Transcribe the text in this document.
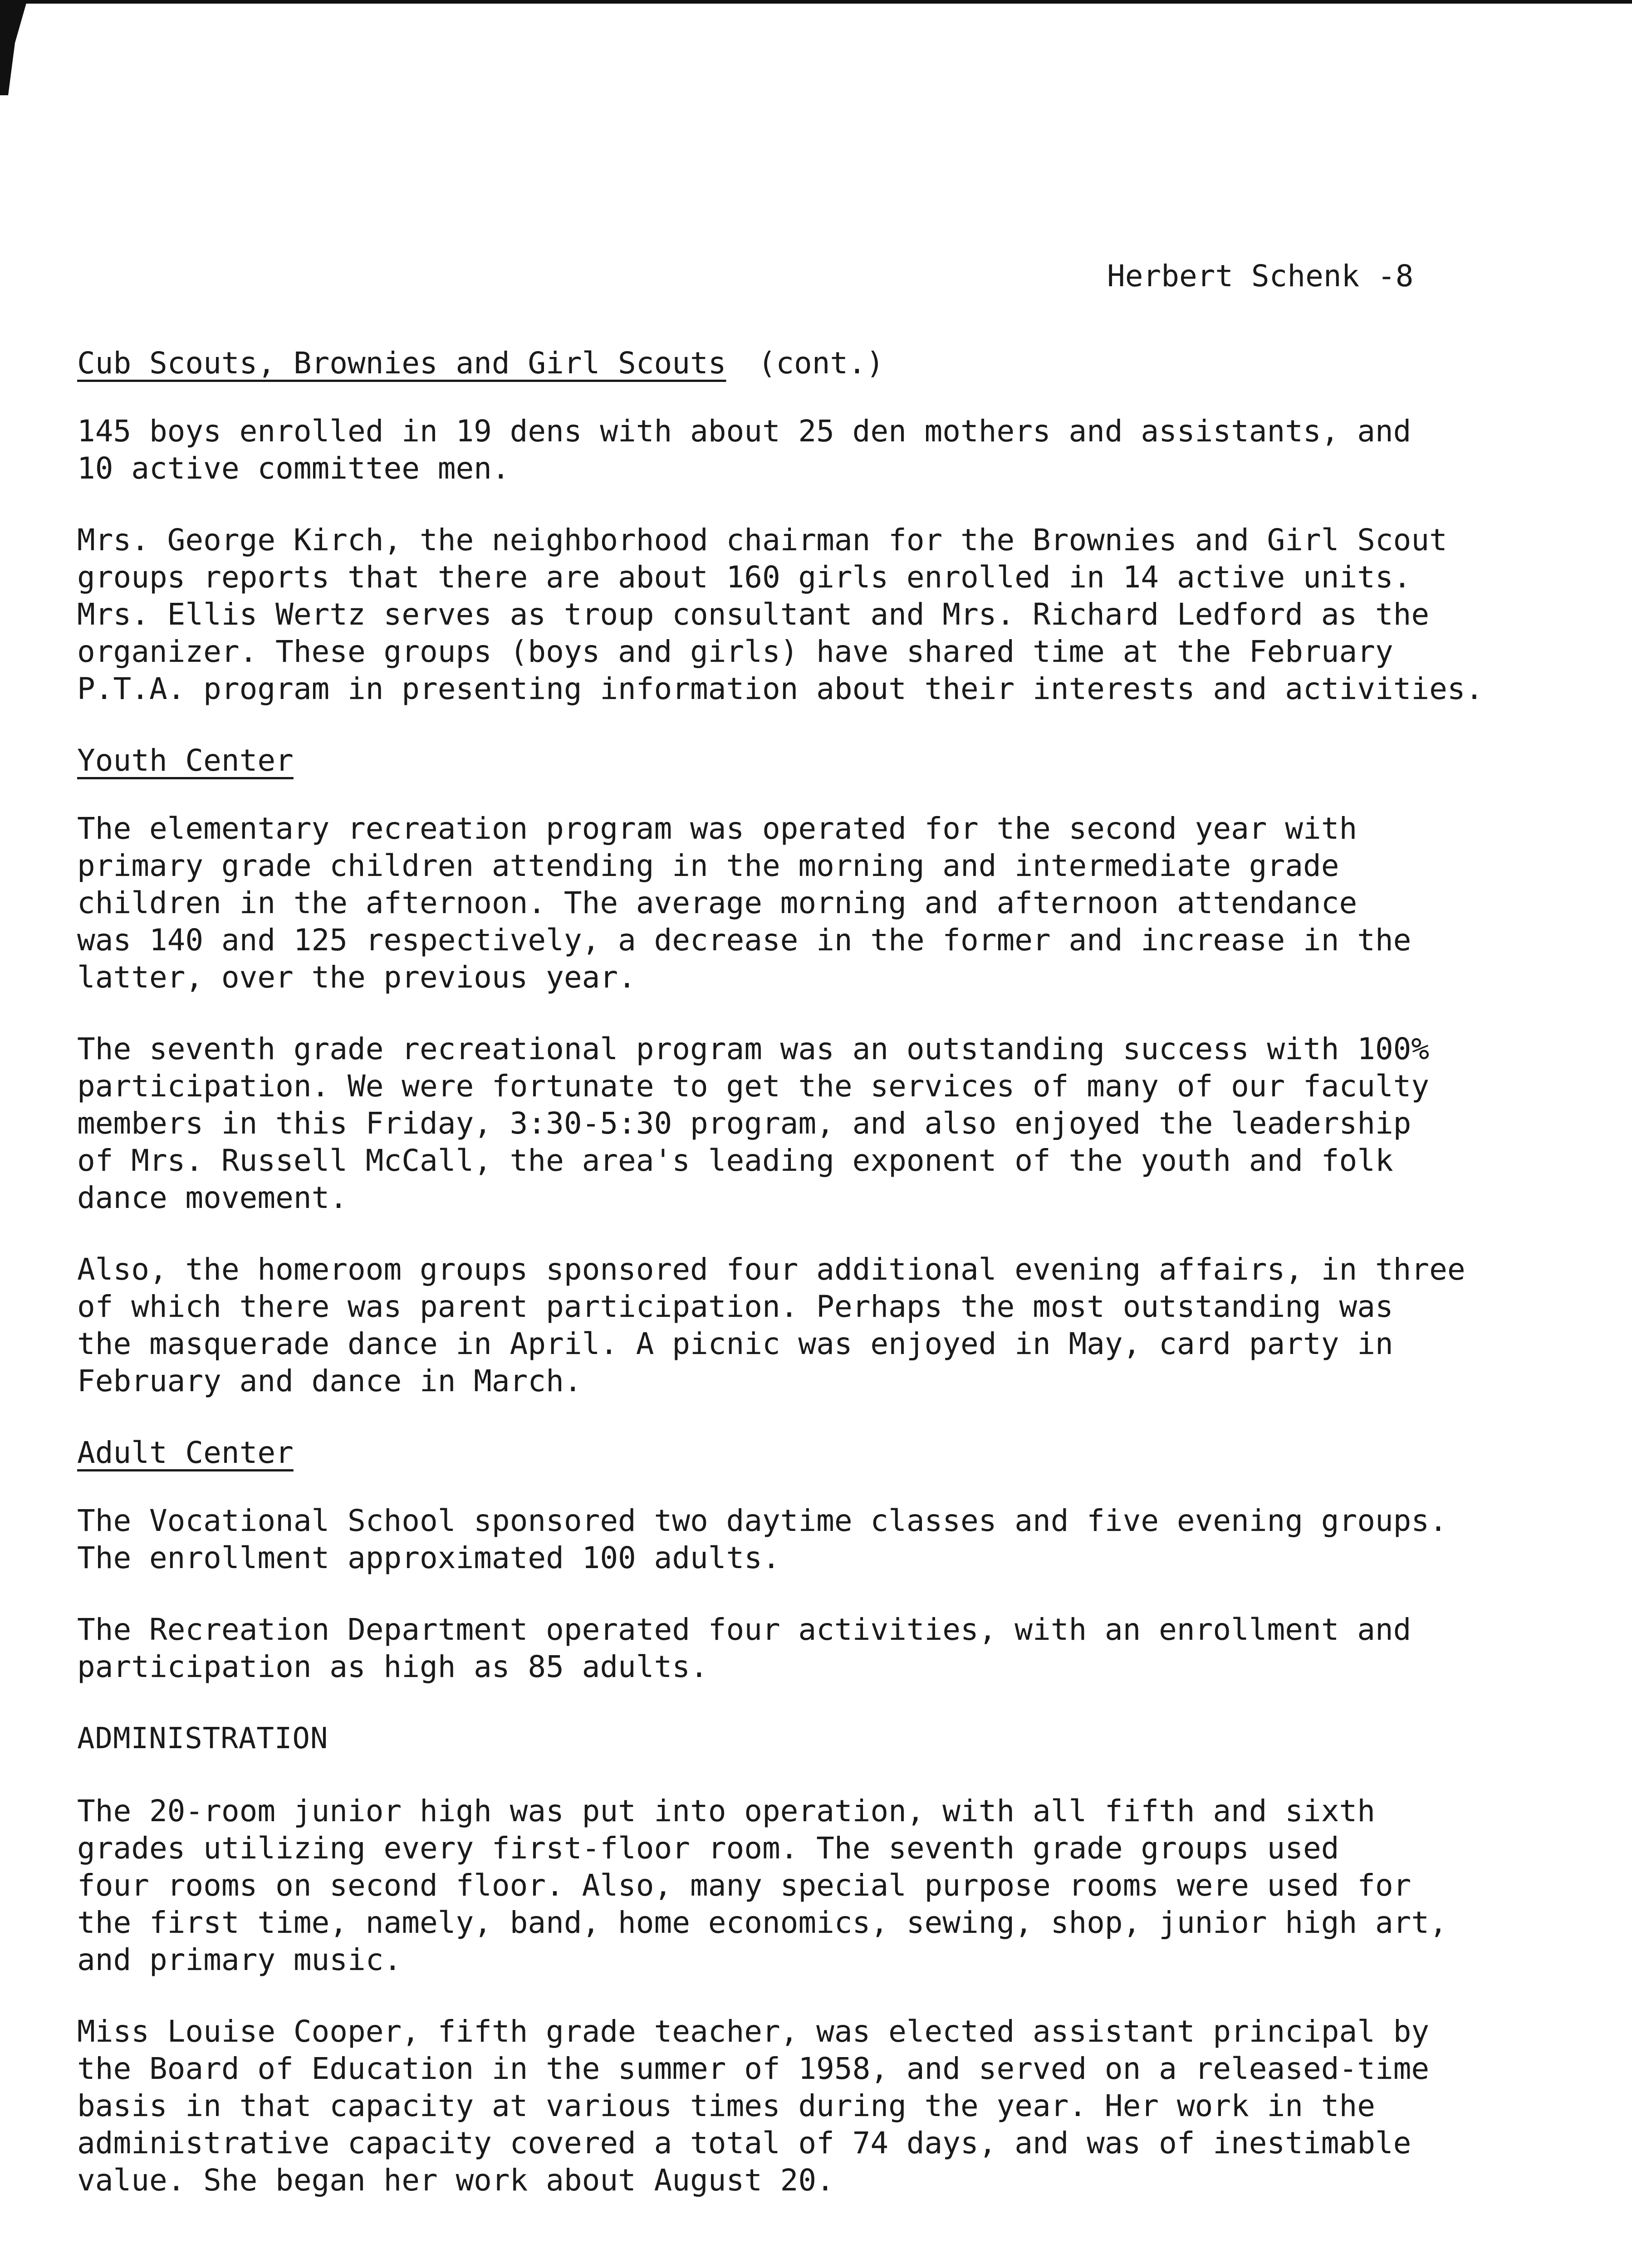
Herbert Schenk -8
Cub Scouts, Brownies and Girl Scouts (cont.)

145 boys enrolled in 19 dens with about 25 den mothers and assistants, and
10 active committee men.

Mrs. George Kirch, the neighborhood chairman for the Brownies and Girl Scout
groups reports that there are about 160 girls enrolled in 14 active units.
Mrs. Ellis Wertz serves as troup consultant and Mrs. Richard Ledford as the
organizer. These groups (boys and girls) have shared time at the February
P.T.A. program in presenting information about their interests and activities.

Youth Center

The elementary recreation program was operated for the second year with
primary grade children attending in the morning and intermediate grade
children in the afternoon. The average morning and afternoon attendance
was 140 and 125 respectively, a decrease in the former and increase in the
latter, over the previous year.

The seventh grade recreational program was an outstanding success with 100%
participation. We were fortunate to get the services of many of our faculty
members in this Friday, 3:30-5:30 program, and also enjoyed the leadership
of Mrs. Russell McCall, the area's leading exponent of the youth and folk
dance movement.

Also, the homeroom groups sponsored four additional evening affairs, in three
of which there was parent participation. Perhaps the most outstanding was
the masquerade dance in April. A picnic was enjoyed in May, card party in
February and dance in March.

Adult Center

The Vocational School sponsored two daytime classes and five evening groups.
The enrollment approximated 100 adults.

The Recreation Department operated four activities, with an enrollment and
participation as high as 85 adults.

ADMINISTRATION

The 20-room junior high was put into operation, with all fifth and sixth
grades utilizing every first-floor room. The seventh grade groups used
four rooms on second floor. Also, many special purpose rooms were used for
the first time, namely, band, home economics, sewing, shop, junior high art,
and primary music.

Miss Louise Cooper, fifth grade teacher, was elected assistant principal by
the Board of Education in the summer of 1958, and served on a released-time
basis in that capacity at various times during the year. Her work in the
administrative capacity covered a total of 74 days, and was of inestimable
value. She began her work about August 20.
